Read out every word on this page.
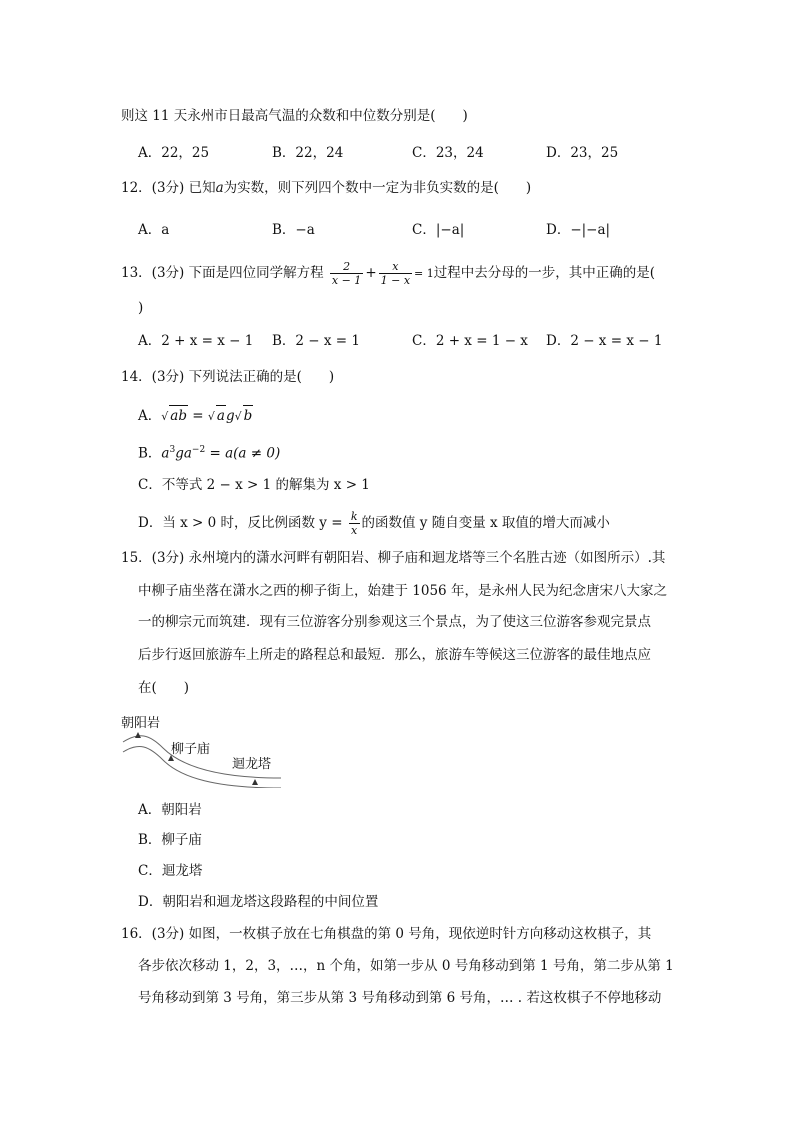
则这 11 天永州市日最高气温的众数和中位数分别是(　　)
A．22，25	B．22，24	C．23，24	D．23，25
12．(3分) 已知a为实数，则下列四个数中一定为非负实数的是(　　)
A．a	B．−a	C．|−a|	D．−|−a|
13．(3分) 下面是四位同学解方程 $\frac{2}{x - 1} + \frac{x}{1 - x} = 1$过程中去分母的一步，其中正确的是(
)
A．2 + x = x − 1 B．2 − x = 1	C．2 + x = 1 − x D．2 − x = x − 1
14．(3分) 下列说法正确的是(　　)
A．√ ab = √ ag√ b
B．$a^3ga^{-2} = a(a \ne 0)$
C．不等式 2 − x > 1 的解集为 x > 1
D．当 x > 0 时，反比例函数 $y = \frac{k}{x}$ 的函数值 y 随自变量 x 取值的增大而减小
15．(3分) 永州境内的潇水河畔有朝阳岩、柳子庙和迴龙塔等三个名胜古迹（如图所示）.其
中柳子庙坐落在潇水之西的柳子街上，始建于 1056 年，是永州人民为纪念唐宋八大家之
一的柳宗元而筑建．现有三位游客分别参观这三个景点，为了使这三位游客参观完景点
后步行返回旅游车上所走的路程总和最短．那么，旅游车等候这三位游客的最佳地点应
在(　　)
朝阳岩
柳子庙
迴龙塔
A．朝阳岩
B．柳子庙
C．迴龙塔
D．朝阳岩和迴龙塔这段路程的中间位置
16．(3分) 如图，一枚棋子放在七角棋盘的第 0 号角，现依逆时针方向移动这枚棋子，其
各步依次移动 1，2，3，…，n 个角，如第一步从 0 号角移动到第 1 号角，第二步从第 1
号角移动到第 3 号角，第三步从第 3 号角移动到第 6 号角，… . 若这枚棋子不停地移动
